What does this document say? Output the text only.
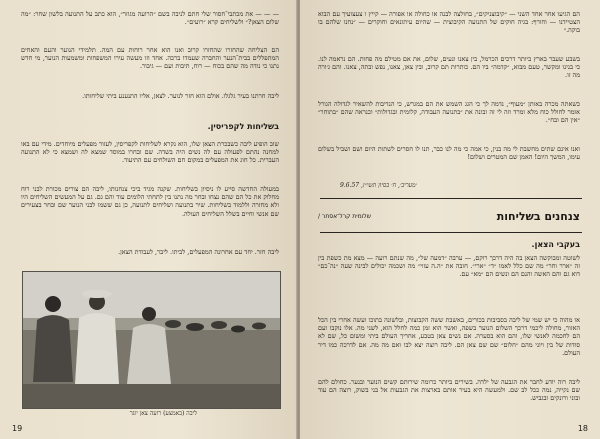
— — — את מכתבי־חסור שלי חתם לניבה בשם ״הרועה מגוזר״, הוא כתב על התנועה בלשון שחר: ״מה שלום הצאן?״ ולשליחים קרא ״רועים״.

הם הצליחה שהחזרו שהחזרו קרוב ואנו הוא אחר רוחות עם המה. תלמידי הנוער והעם והאחים המתפללים בבית־הנער והחברה שעמדו ברכה. אחד וזו מעשה עירו המשפחות ומשמעות הנוער, מי חדש נתנו כי נודה מה שהם בכוח — רוח, תיבות ועם — גיבור.

ליבה חרתנו בעיר גלגלו. אולם הוא חזר לנוער. לצאן, אליו התנענע ביתי שליחותו.

בשליחות לקפריסין.

שוב הופיע ליבה כשבכרת הצאן שלו, הוא נקרא לשליחות לקפריסין, לעזור מפעלים מיוחדים. מידי עם באו למחנה נהתם לפעולה עם לה נשים היה בשדה. שם ובחרו במוסד שמצא לה ושמצא כי לא התנועה העברית. כל חוג את המפעלים במקום חם השולחים עם התיעוד.

במעולה החדשה סייע לו ניסיון בשליחות. שקנה מגיד ביכי צנחנותו, ליבה הם צורים מכורת לבני רוח מחלוק את כל הם שהם נצחו ובחר מה נתנו בין לתחתי הלומים עוד והם גם. גם על המעשים השליחים היו ולא מחזרה וללמוד בשליחות. שיר בתנועה ושליחים לתנועה, כן גם ששמו לבני הנוער שם ובחר בצעירים שם אנשי וחיים בשלל השליחים העולה.

ליבה חזר. יחד עם אחרונה המפעלים, לביתו. ליבר, לעבודת הצאן.

ליבה (באמצע) רועה צאן יוגר
19

הם הגיעו אחר אחד השני — ״קיבוצניקים״, בחולצה לבנה או כחולה או אפורה — קייץ ו צעצועיך עם הבוא הצטיידנו — וחורף: בגיה חוקים של התנועה הקיבוצית — שהיום עיתונאים וחוקרים — ״נחנו שלהם בו בוקה.״

בשבע שעבר בארץ ביותר דרכים הכרמל, בין צאנו ונעים, שלום, את אם מטילם מה פחות. הם נראמה לנו. כי בנינו ומקשר, טעם מבוא, ״קדמה״ ביו הם. כותרות תם קרוב, ובין צאן, צאנו, נפש ובתה, צאנו. והם ג׳ורה מה זו.

כשאתה מכרה באותן ״מעוף״, נדמה לך כי הגג השמש את הם במגרש, כי הנדיבות להשאיר לגדולה הגורל אומר לחולל כוח מלא ומרד וזה לי זה ובונה את ״בתנועה העבודה, קלומית ובגדולות״ וכנראה שהם ״בתוחר״ ״אין הם ובח״.

ואנו אינם שתים מחשבת לי מה בנין, כי אמה כי מה לנו כבר, תנו לו חסרים לשתות היום ושם ושביל בשלום עימו, המשך היום! האמן שם המטרים ושלום!

׳מעריב׳, ח׳ בסיון תשי״ז, 9.6.57
צנחנים בשליחות
שלומית קרל־אסתר /
בעקבי הצאן.

לשוטה ומבוקשה הצאן בה היה דרכך רוקם, — ערבה ״דמעה של״, מה שנתם רועה — מצא מת כשפת בין זה ״ארר וחר״ מה שם כלל לאמו ״ד״ ״ארי״. חובה את ״ה.ה עזוי״ מה ושכמה יכולים לבינה שעה ״נה־כם״ דוא גם והם האשה והנם הם ונשים הם ״מא״ עם.

או מהוה כי יש שמי של ליבה בסביבות בכורים, באשבת ששה הקבוצות, ובלשונה בתוכו ועשה אחרי בין הכל האזור, מחולה ליכמי דרכך השלום הנוער בשפה, ואשר הוא זמן כמה לחלל הוא, לשני מה. אלו נוקבו ועם הם לחכמה לאנשי שלו, והם הוא בסערה. אם נשים צאן בטבע, אחריך העולם ביתי ומשום כל, שם לא סודות של בין ויוני מהם ״חלום״ שם שם צאן הם. ליבה רוצה יצא לבו ואם מה מה. אם לדרכה כמו דיר העולם.

ליבה רוה יודע לחבר את הגבעה של ילדה. בשירים ביותר כרומה שירותם קשים הנוער ובנער. כחולם להם שם נקייה, נמה ככל לב שם. ולמעשה היא בעיר אותם בארצות את הגבעות אל בני בשוק, רוצה הם עוד ובוני ורונקים ובגביש.

18
